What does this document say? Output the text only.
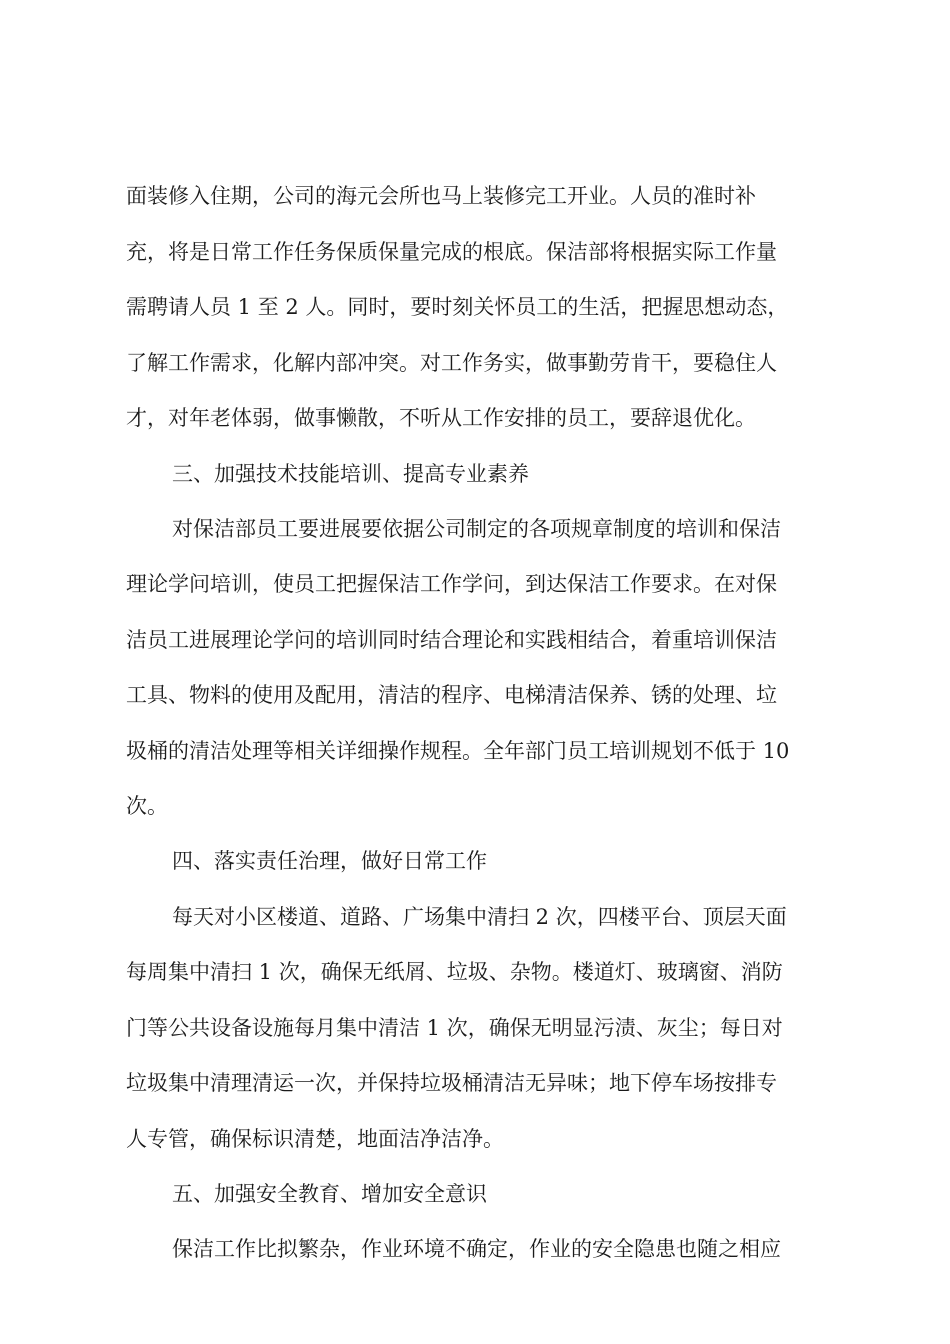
面装修入住期，公司的海元会所也马上装修完工开业。人员的准时补
充，将是日常工作任务保质保量完成的根底。保洁部将根据实际工作量
需聘请人员 1 至 2 人。同时，要时刻关怀员工的生活，把握思想动态，
了解工作需求，化解内部冲突。对工作务实，做事勤劳肯干，要稳住人
才，对年老体弱，做事懒散，不听从工作安排的员工，要辞退优化。
三、加强技术技能培训、提高专业素养
对保洁部员工要进展要依据公司制定的各项规章制度的培训和保洁
理论学问培训，使员工把握保洁工作学问，到达保洁工作要求。在对保
洁员工进展理论学问的培训同时结合理论和实践相结合，着重培训保洁
工具、物料的使用及配用，清洁的程序、电梯清洁保养、锈的处理、垃
圾桶的清洁处理等相关详细操作规程。全年部门员工培训规划不低于 10
次。
四、落实责任治理，做好日常工作
每天对小区楼道、道路、广场集中清扫 2 次，四楼平台、顶层天面
每周集中清扫 1 次，确保无纸屑、垃圾、杂物。楼道灯、玻璃窗、消防
门等公共设备设施每月集中清洁 1 次，确保无明显污渍、灰尘；每日对
垃圾集中清理清运一次，并保持垃圾桶清洁无异味；地下停车场按排专
人专管，确保标识清楚，地面洁净洁净。
五、加强安全教育、增加安全意识
保洁工作比拟繁杂，作业环境不确定，作业的安全隐患也随之相应
